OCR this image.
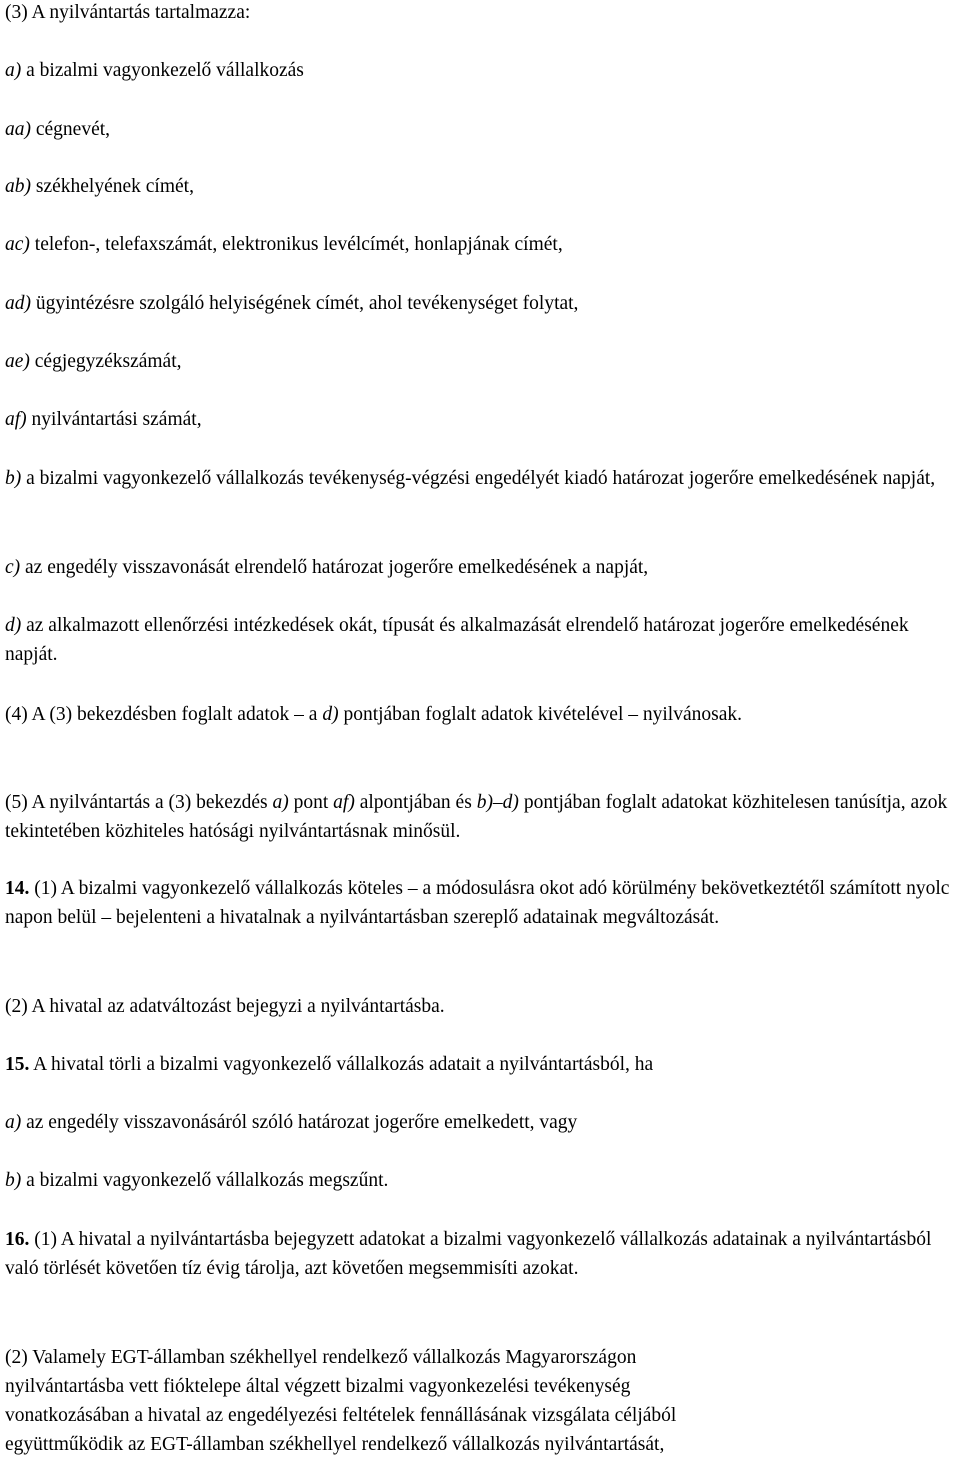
(3) A nyilvántartás tartalmazza:

a) a bizalmi vagyonkezelő vállalkozás

aa) cégnevét,

ab) székhelyének címét,

ac) telefon-, telefaxszámát, elektronikus levélcímét, honlapjának címét,

ad) ügyintézésre szolgáló helyiségének címét, ahol tevékenységet folytat,

ae) cégjegyzékszámát,

af) nyilvántartási számát,

b) a bizalmi vagyonkezelő vállalkozás tevékenység-végzési engedélyét kiadó határozat jogerőre emelkedésének napját,

c) az engedély visszavonását elrendelő határozat jogerőre emelkedésének a napját,

d) az alkalmazott ellenőrzési intézkedések okát, típusát és alkalmazását elrendelő határozat jogerőre emelkedésének napját.

(4) A (3) bekezdésben foglalt adatok – a d) pontjában foglalt adatok kivételével – nyilvánosak.

(5) A nyilvántartás a (3) bekezdés a) pont af) alpontjában és b)–d) pontjában foglalt adatokat közhitelesen tanúsítja, azok tekintetében közhiteles hatósági nyilvántartásnak minősül.

14. (1) A bizalmi vagyonkezelő vállalkozás köteles – a módosulásra okot adó körülmény bekövetkeztétől számított nyolc napon belül – bejelenteni a hivatalnak a nyilvántartásban szereplő adatainak megváltozását.

(2) A hivatal az adatváltozást bejegyzi a nyilvántartásba.

15. A hivatal törli a bizalmi vagyonkezelő vállalkozás adatait a nyilvántartásból, ha

a) az engedély visszavonásáról szóló határozat jogerőre emelkedett, vagy

b) a bizalmi vagyonkezelő vállalkozás megszűnt.

16. (1) A hivatal a nyilvántartásba bejegyzett adatokat a bizalmi vagyonkezelő vállalkozás adatainak a nyilvántartásból való törlését követően tíz évig tárolja, azt követően megsemmisíti azokat.

(2) Valamely EGT-államban székhellyel rendelkező vállalkozás Magyarországon

nyilvántartásba vett fióktelepe által végzett bizalmi vagyonkezelési tevékenység

vonatkozásában a hivatal az engedélyezési feltételek fennállásának vizsgálata céljából

együttműködik az EGT-államban székhellyel rendelkező vállalkozás nyilvántartását,
